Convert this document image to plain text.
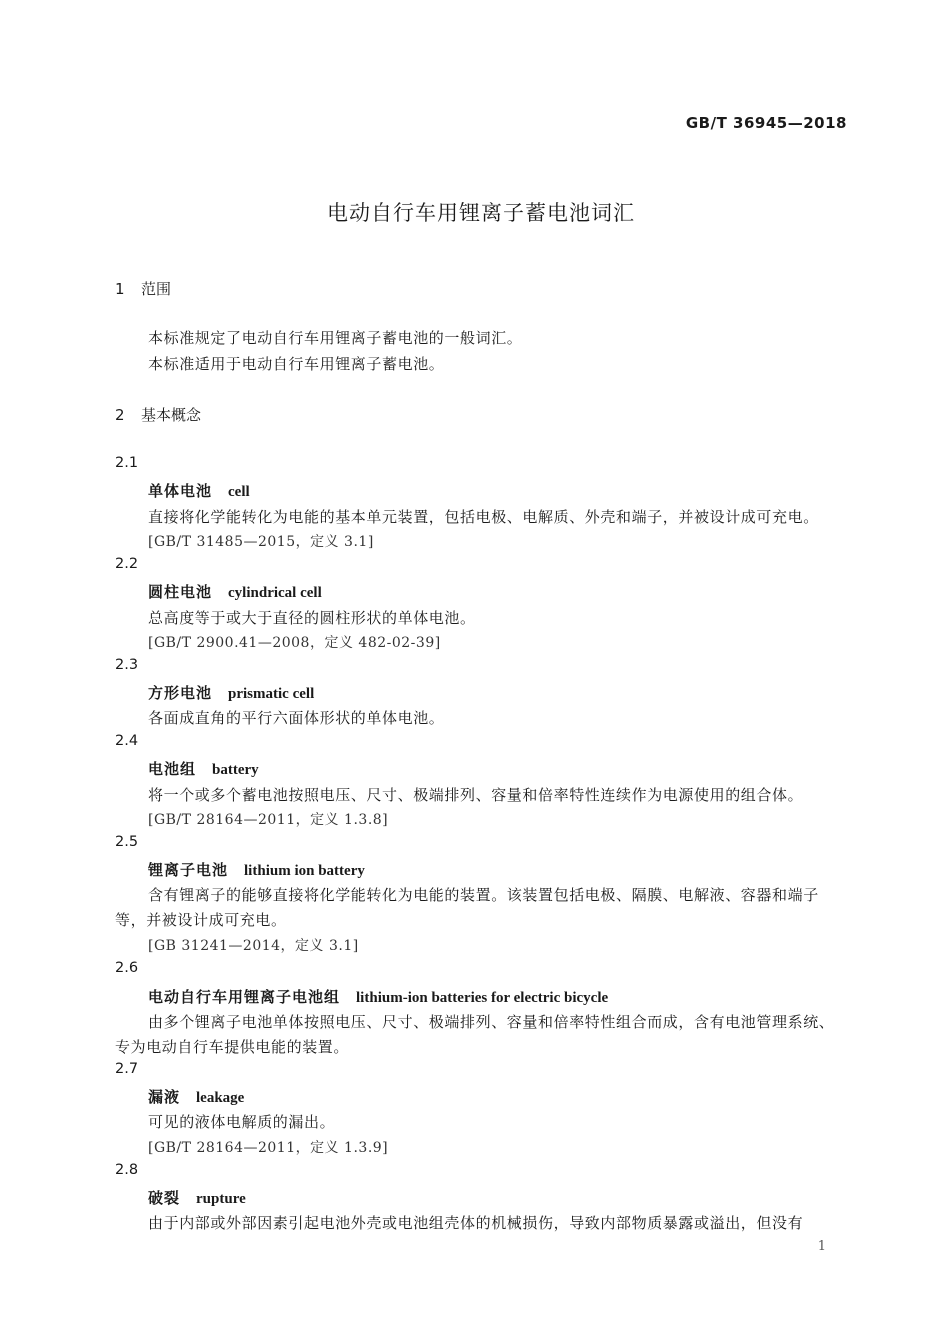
GB/T 36945—2018
电动自行车用锂离子蓄电池词汇
1 范围
本标准规定了电动自行车用锂离子蓄电池的一般词汇。
本标准适用于电动自行车用锂离子蓄电池。
2 基本概念
2.1
单体电池 cell
直接将化学能转化为电能的基本单元装置，包括电极、电解质、外壳和端子，并被设计成可充电。
[GB/T 31485—2015，定义 3.1]
2.2
圆柱电池 cylindrical cell
总高度等于或大于直径的圆柱形状的单体电池。
[GB/T 2900.41—2008，定义 482-02-39]
2.3
方形电池 prismatic cell
各面成直角的平行六面体形状的单体电池。
2.4
电池组 battery
将一个或多个蓄电池按照电压、尺寸、极端排列、容量和倍率特性连续作为电源使用的组合体。
[GB/T 28164—2011，定义 1.3.8]
2.5
锂离子电池 lithium ion battery
含有锂离子的能够直接将化学能转化为电能的装置。该装置包括电极、隔膜、电解液、容器和端子
等，并被设计成可充电。
[GB 31241—2014，定义 3.1]
2.6
电动自行车用锂离子电池组 lithium-ion batteries for electric bicycle
由多个锂离子电池单体按照电压、尺寸、极端排列、容量和倍率特性组合而成，含有电池管理系统、
专为电动自行车提供电能的装置。
2.7
漏液 leakage
可见的液体电解质的漏出。
[GB/T 28164—2011，定义 1.3.9]
2.8
破裂 rupture
由于内部或外部因素引起电池外壳或电池组壳体的机械损伤，导致内部物质暴露或溢出，但没有
1
